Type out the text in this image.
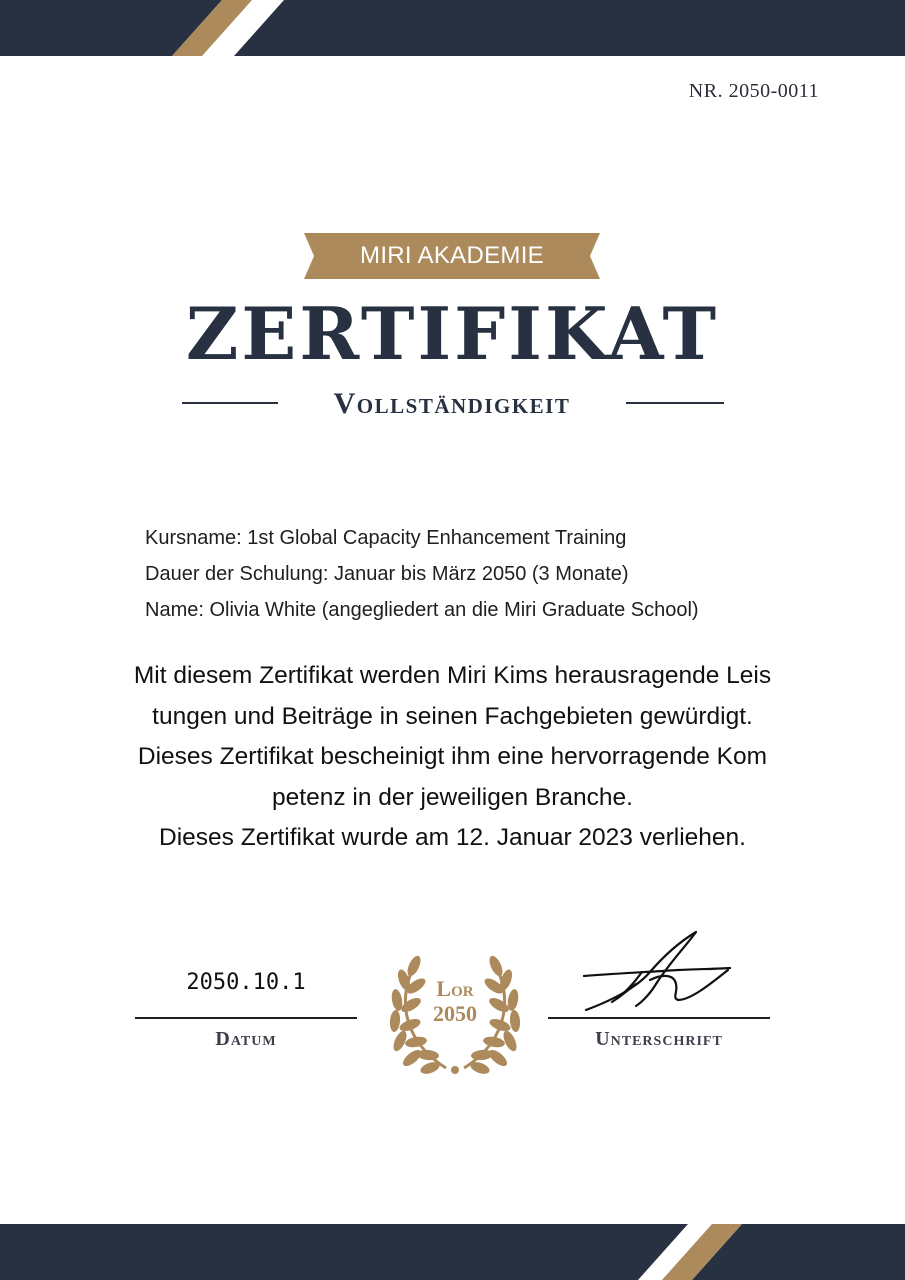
NR. 2050-0011
MIRI AKADEMIE
ZERTIFIKAT
Vollständigkeit
Kursname: 1st Global Capacity Enhancement Training
Dauer der Schulung: Januar bis März 2050 (3 Monate)
Name: Olivia White (angegliedert an die Miri Graduate School)
Mit diesem Zertifikat werden Miri Kims herausragende Leis
tungen und Beiträge in seinen Fachgebieten gewürdigt.
Dieses Zertifikat bescheinigt ihm eine hervorragende Kom
petenz in der jeweiligen Branche.
Dieses Zertifikat wurde am 12. Januar 2023 verliehen.
2050.10.1
Datum
Lor
2050
Unterschrift
